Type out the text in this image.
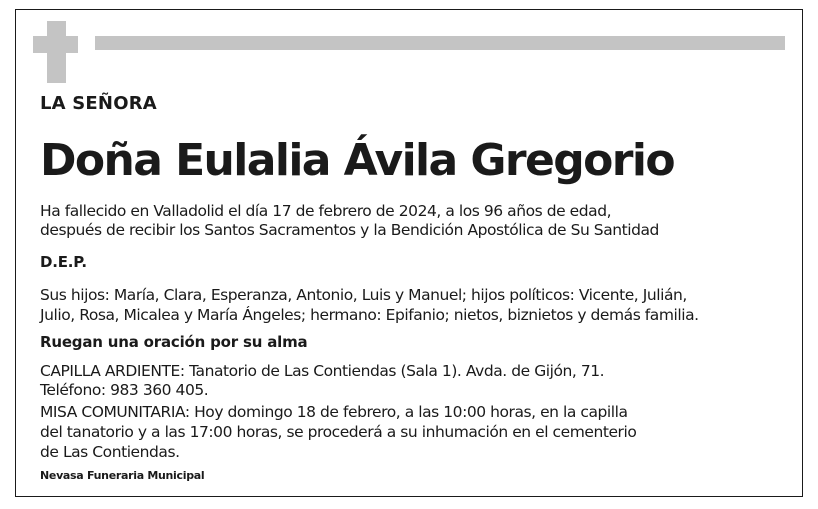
LA SEÑORA
Doña Eulalia Ávila Gregorio
Ha fallecido en Valladolid el día 17 de febrero de 2024, a los 96 años de edad,
después de recibir los Santos Sacramentos y la Bendición Apostólica de Su Santidad
D.E.P.
Sus hijos: María, Clara, Esperanza, Antonio, Luis y Manuel; hijos políticos: Vicente, Julián,
Julio, Rosa, Micalea y María Ángeles; hermano: Epifanio; nietos, biznietos y demás familia.
Ruegan una oración por su alma
CAPILLA ARDIENTE: Tanatorio de Las Contiendas (Sala 1). Avda. de Gijón, 71.
Teléfono: 983 360 405.
MISA COMUNITARIA: Hoy domingo 18 de febrero, a las 10:00 horas, en la capilla
del tanatorio y a las 17:00 horas, se procederá a su inhumación en el cementerio
de Las Contiendas.
Nevasa Funeraria Municipal
